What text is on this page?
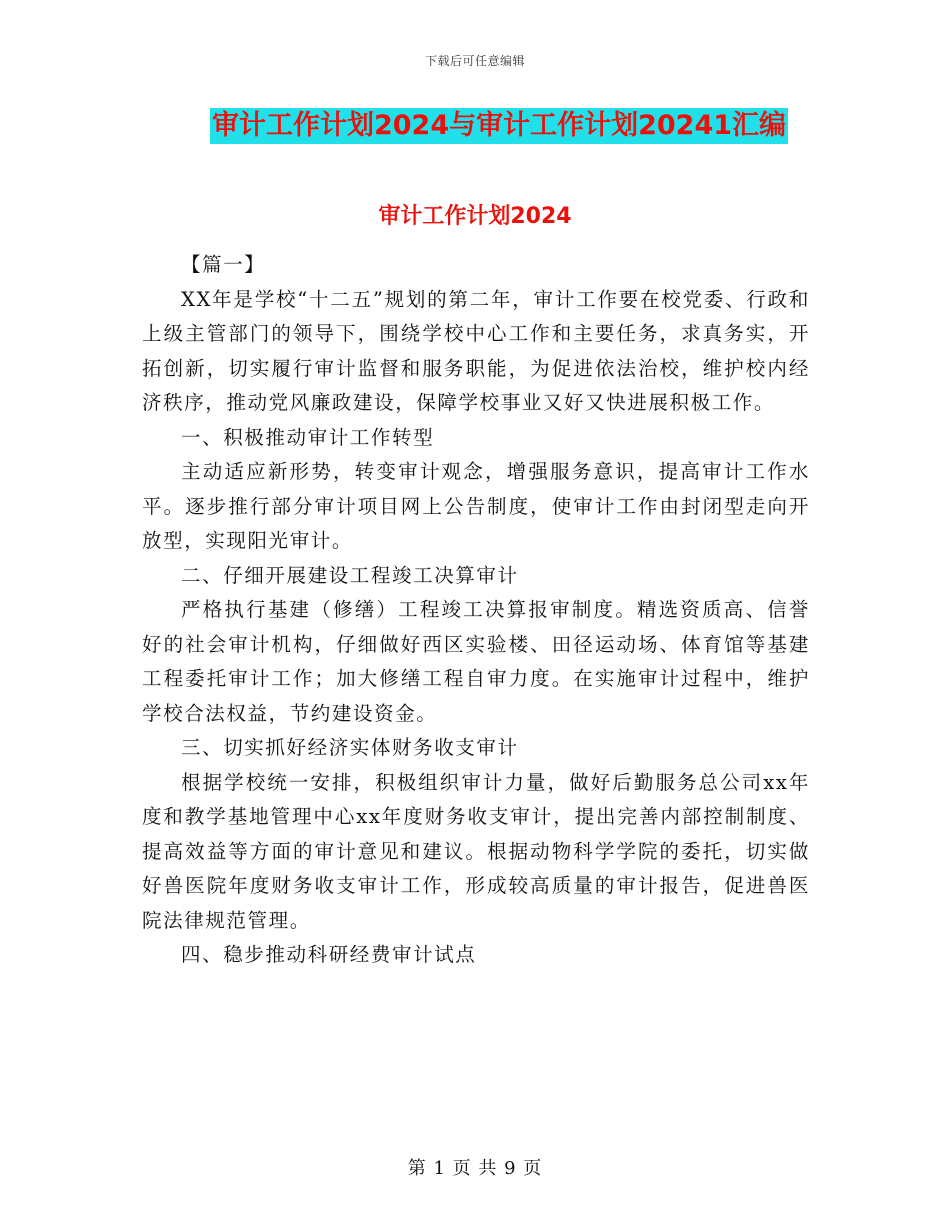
下载后可任意编辑
审计工作计划2024与审计工作计划20241汇编
审计工作计划2024

【篇一】

XX年是学校“十二五”规划的第二年，审计工作要在校党委、行政和上级主管部门的领导下，围绕学校中心工作和主要任务，求真务实，开拓创新，切实履行审计监督和服务职能，为促进依法治校，维护校内经济秩序，推动党风廉政建设，保障学校事业又好又快进展积极工作。

一、积极推动审计工作转型

主动适应新形势，转变审计观念，增强服务意识，提高审计工作水平。逐步推行部分审计项目网上公告制度，使审计工作由封闭型走向开放型，实现阳光审计。

二、仔细开展建设工程竣工决算审计

严格执行基建（修缮）工程竣工决算报审制度。精选资质高、信誉好的社会审计机构，仔细做好西区实验楼、田径运动场、体育馆等基建工程委托审计工作；加大修缮工程自审力度。在实施审计过程中，维护学校合法权益，节约建设资金。

三、切实抓好经济实体财务收支审计

根据学校统一安排，积极组织审计力量，做好后勤服务总公司xx年度和教学基地管理中心xx年度财务收支审计，提出完善内部控制制度、提高效益等方面的审计意见和建议。根据动物科学学院的委托，切实做好兽医院年度财务收支审计工作，形成较高质量的审计报告，促进兽医院法律规范管理。

四、稳步推动科研经费审计试点

第 1 页 共 9 页
